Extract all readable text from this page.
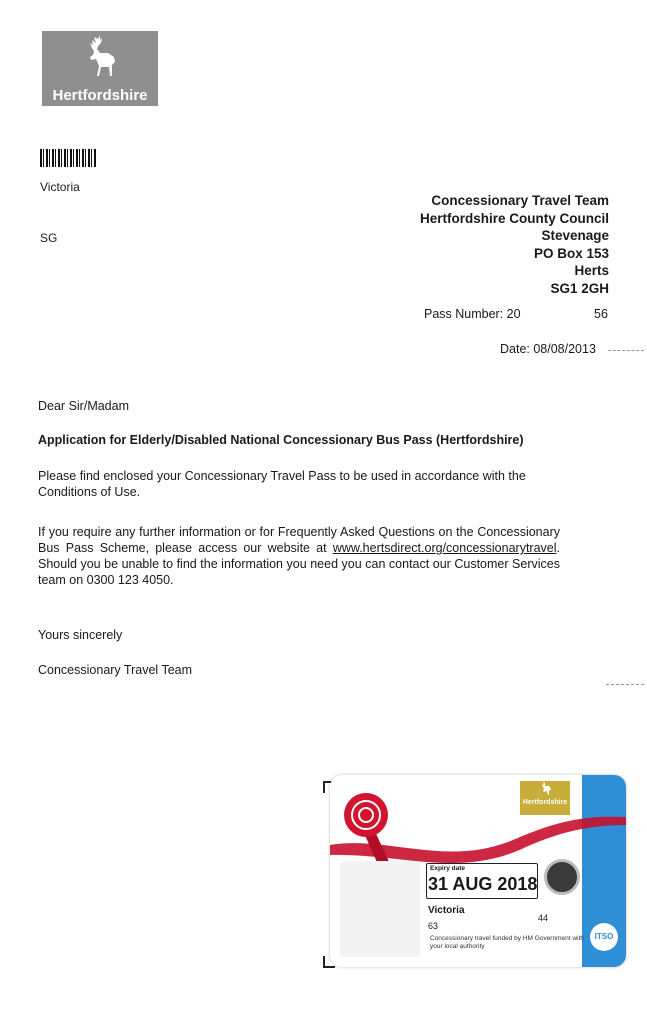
Hertfordshire
Victoria
SG
Concessionary Travel Team
Hertfordshire County Council
Stevenage
PO Box 153
Herts
SG1 2GH
Pass Number: 20	56
Date: 08/08/2013
Dear Sir/Madam
Application for Elderly/Disabled National Concessionary Bus Pass (Hertfordshire)
Please find enclosed your Concessionary Travel Pass to be used in accordance with the Conditions of Use.
If you require any further information or for Frequently Asked Questions on the Concessionary Bus Pass Scheme, please access our website at www.hertsdirect.org/concessionarytravel. Should you be unable to find the information you need you can contact our Customer Services team on 0300 123 4050.
Yours sincerely
Concessionary Travel Team
Hertfordshire
Expiry date
31 AUG 2018
Victoria
63
44
Concessionary travel funded by HM Government with your local authority
ITSO
